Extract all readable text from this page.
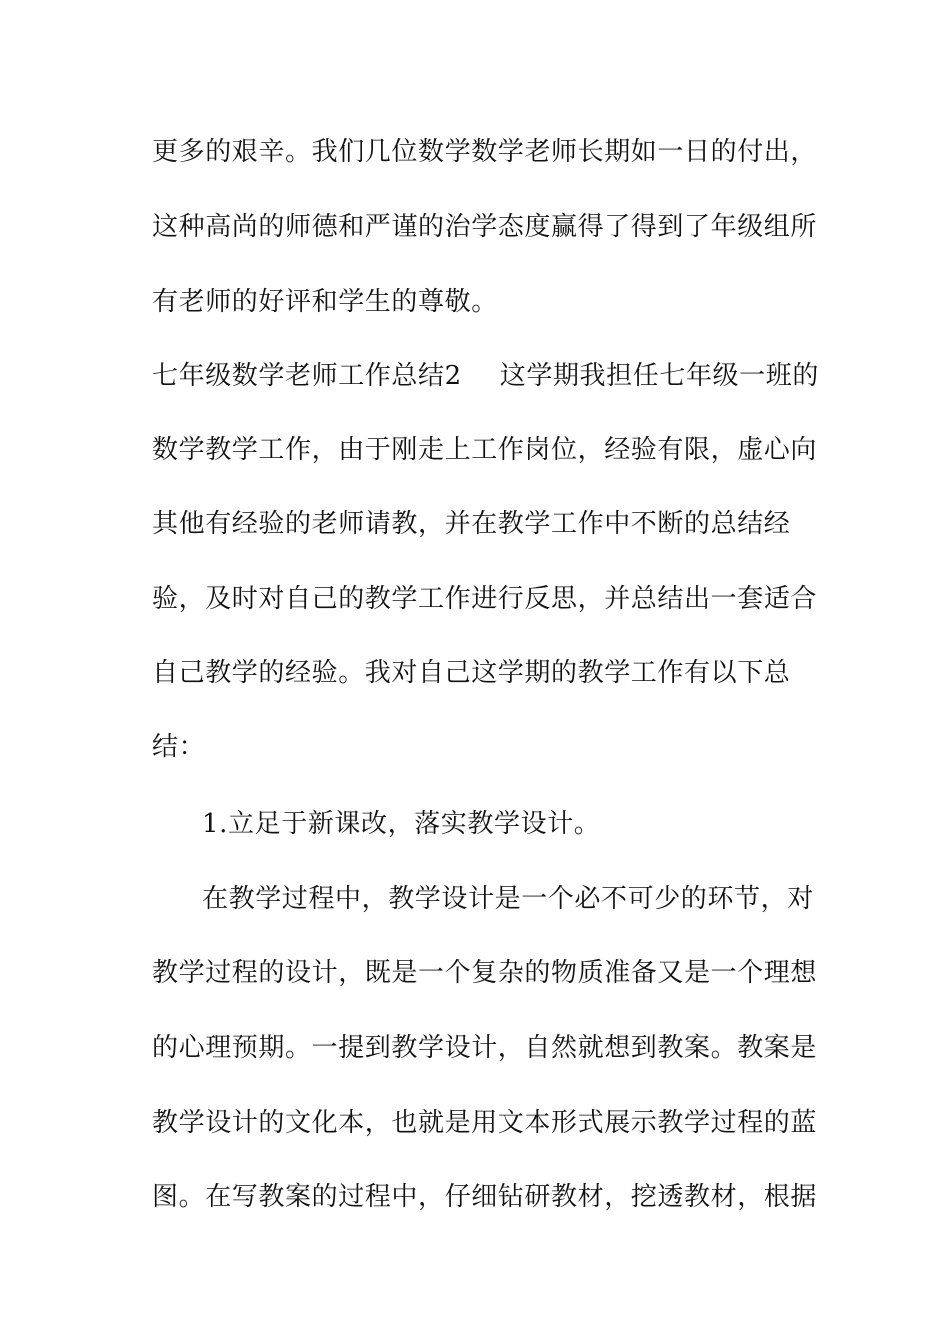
更多的艰辛。我们几位数学数学老师长期如一日的付出，
这种高尚的师德和严谨的治学态度赢得了得到了年级组所
有老师的好评和学生的尊敬。
七年级数学老师工作总结2 这学期我担任七年级一班的
数学教学工作，由于刚走上工作岗位，经验有限，虚心向
其他有经验的老师请教，并在教学工作中不断的总结经
验，及时对自己的教学工作进行反思，并总结出一套适合
自己教学的经验。我对自己这学期的教学工作有以下总
结：
1.立足于新课改，落实教学设计。
在教学过程中，教学设计是一个必不可少的环节，对
教学过程的设计，既是一个复杂的物质准备又是一个理想
的心理预期。一提到教学设计，自然就想到教案。教案是
教学设计的文化本，也就是用文本形式展示教学过程的蓝
图。在写教案的过程中，仔细钻研教材，挖透教材，根据
